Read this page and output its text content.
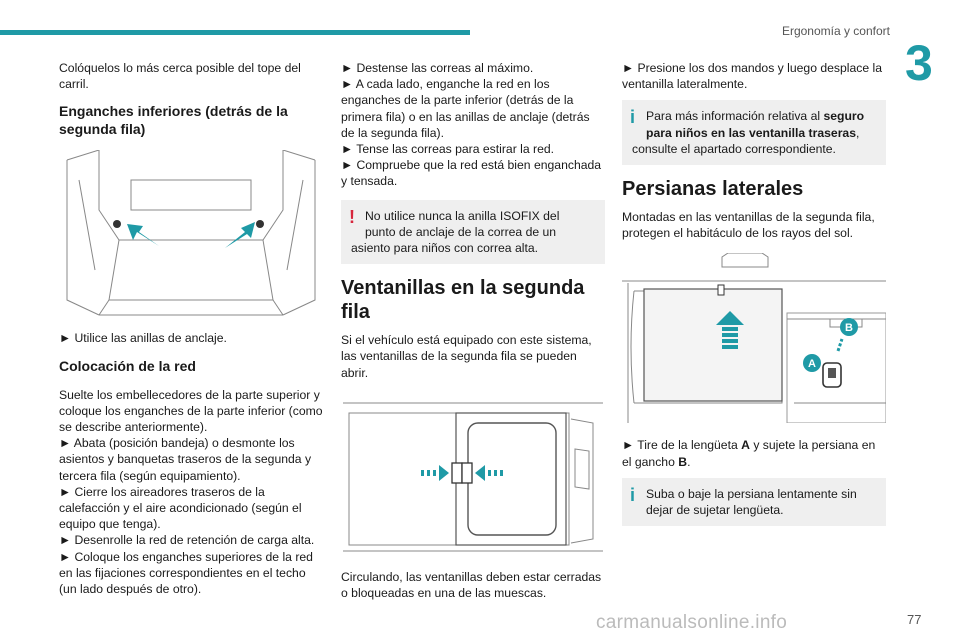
Ergonomía y confort
3

Colóquelos lo más cerca posible del tope del
carril.

Enganches inferiores (detrás de la
segunda fila)

► Utilice las anillas de anclaje.

Colocación de la red
Suelte los embellecedores de la parte superior y
coloque los enganches de la parte inferior (como
se describe anteriormente).
► Abata (posición bandeja) o desmonte los
asientos y banquetas traseros de la segunda y
tercera fila (según equipamiento).
► Cierre los aireadores traseros de la
calefacción y el aire acondicionado (según el
equipo que tenga).
► Desenrolle la red de retención de carga alta.
► Coloque los enganches superiores de la red
en las fijaciones correspondientes en el techo
(un lado después de otro).
► Destense las correas al máximo.
► A cada lado, enganche la red en los
enganches de la parte inferior (detrás de la
primera fila) o en las anillas de anclaje (detrás
de la segunda fila).
► Tense las correas para estirar la red.
► Compruebe que la red está bien enganchada
y tensada.
! No utilice nunca la anilla ISOFIX del
punto de anclaje de la correa de un
asiento para niños con correa alta.
Ventanillas en la segunda
fila

Si el vehículo está equipado con este sistema,
las ventanillas de la segunda fila se pueden
abrir.

Circulando, las ventanillas deben estar cerradas
o bloqueadas en una de las muescas.

► Presione los dos mandos y luego desplace la
ventanilla lateralmente.

i Para más información relativa al seguro
para niños en las ventanilla traseras,
consulte el apartado correspondiente.
Persianas laterales

Montadas en las ventanillas de la segunda fila,
protegen el habitáculo de los rayos del sol.

B
A

► Tire de la lengüeta A y sujete la persiana en
el gancho B.

i Suba o baje la persiana lentamente sin
dejar de sujetar lengüeta.
carmanualsonline.info	77
